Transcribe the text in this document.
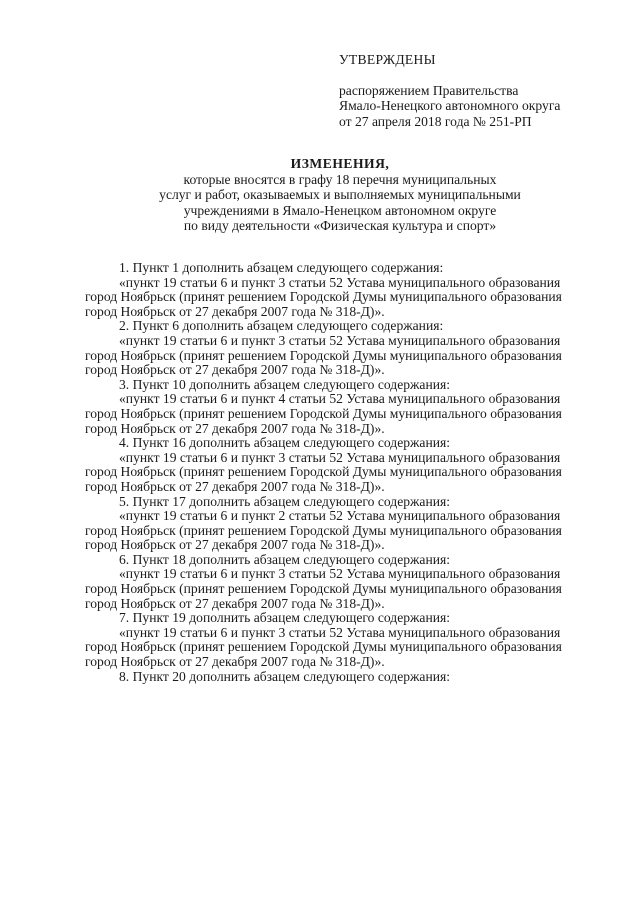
УТВЕРЖДЕНЫ
распоряжением Правительства
Ямало-Ненецкого автономного округа
от 27 апреля 2018 года № 251-РП
ИЗМЕНЕНИЯ,
которые вносятся в графу 18 перечня муниципальных
услуг и работ, оказываемых и выполняемых муниципальными
учреждениями в Ямало-Ненецком автономном округе
по виду деятельности «Физическая культура и спорт»
1. Пункт 1 дополнить абзацем следующего содержания:
«пункт 19 статьи 6 и пункт 3 статьи 52 Устава муниципального образования
город Ноябрьск (принят решением Городской Думы муниципального образования
город Ноябрьск от 27 декабря 2007 года № 318-Д)».
2. Пункт 6 дополнить абзацем следующего содержания:
«пункт 19 статьи 6 и пункт 3 статьи 52 Устава муниципального образования
город Ноябрьск (принят решением Городской Думы муниципального образования
город Ноябрьск от 27 декабря 2007 года № 318-Д)».
3. Пункт 10 дополнить абзацем следующего содержания:
«пункт 19 статьи 6 и пункт 4 статьи 52 Устава муниципального образования
город Ноябрьск (принят решением Городской Думы муниципального образования
город Ноябрьск от 27 декабря 2007 года № 318-Д)».
4. Пункт 16 дополнить абзацем следующего содержания:
«пункт 19 статьи 6 и пункт 3 статьи 52 Устава муниципального образования
город Ноябрьск (принят решением Городской Думы муниципального образования
город Ноябрьск от 27 декабря 2007 года № 318-Д)».
5. Пункт 17 дополнить абзацем следующего содержания:
«пункт 19 статьи 6 и пункт 2 статьи 52 Устава муниципального образования
город Ноябрьск (принят решением Городской Думы муниципального образования
город Ноябрьск от 27 декабря 2007 года № 318-Д)».
6. Пункт 18 дополнить абзацем следующего содержания:
«пункт 19 статьи 6 и пункт 3 статьи 52 Устава муниципального образования
город Ноябрьск (принят решением Городской Думы муниципального образования
город Ноябрьск от 27 декабря 2007 года № 318-Д)».
7. Пункт 19 дополнить абзацем следующего содержания:
«пункт 19 статьи 6 и пункт 3 статьи 52 Устава муниципального образования
город Ноябрьск (принят решением Городской Думы муниципального образования
город Ноябрьск от 27 декабря 2007 года № 318-Д)».
8. Пункт 20 дополнить абзацем следующего содержания:
